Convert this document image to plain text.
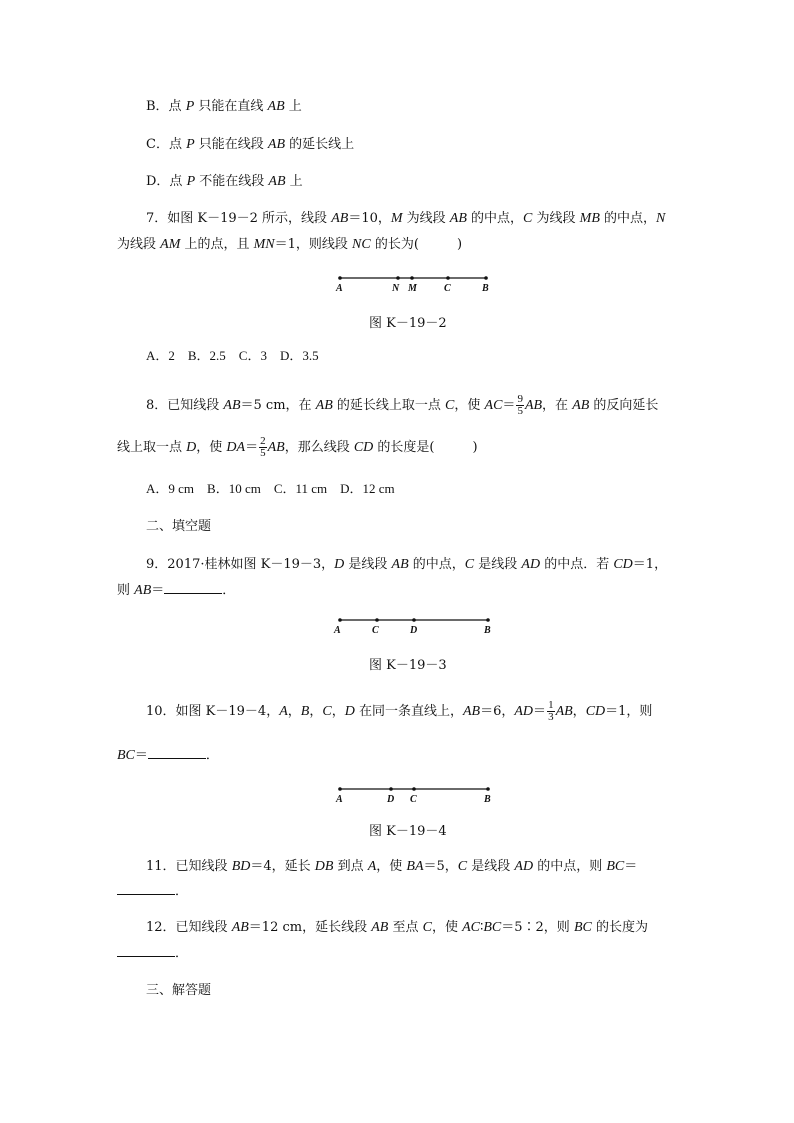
B．点 P 只能在直线 AB 上
C．点 P 只能在线段 AB 的延长线上
D．点 P 不能在线段 AB 上
7．如图 K－19－2 所示，线段 AB＝10，M 为线段 AB 的中点，C 为线段 MB 的中点，N
为线段 AM 上的点，且 MN＝1，则线段 NC 的长为(	)
A	N M	C	B
图 K－19－2
A．2　B．2.5　C．3　D．3.5
8．已知线段 AB＝5 cm，在 AB 的延长线上取一点 C，使 $AC= \frac{9}{5}$ AB，在 AB 的反向延长
线上取一点 D，使 $DA= \frac{2}{5}$ AB，那么线段 CD 的长度是(	)
A．9 cm　B．10 cm　C．11 cm　D．12 cm
二、填空题
9．2017·桂林如图 K－19－3，D 是线段 AB 的中点，C 是线段 AD 的中点．若 CD＝1，
则 AB＝	．
A	C	D	B
图 K－19－3
10．如图 K－19－4，A，B，C，D 在同一条直线上，AB＝6，$AD= \frac{1}{3}$ AB，CD＝1，则
BC＝	．
A	D C	B
图 K－19－4
11．已知线段 BD＝4，延长 DB 到点 A，使 BA＝5，C 是线段 AD 的中点，则 BC＝
．
12．已知线段 AB＝12 cm，延长线段 AB 至点 C，使 AC∶BC＝5∶2，则 BC 的长度为
．
三、解答题
